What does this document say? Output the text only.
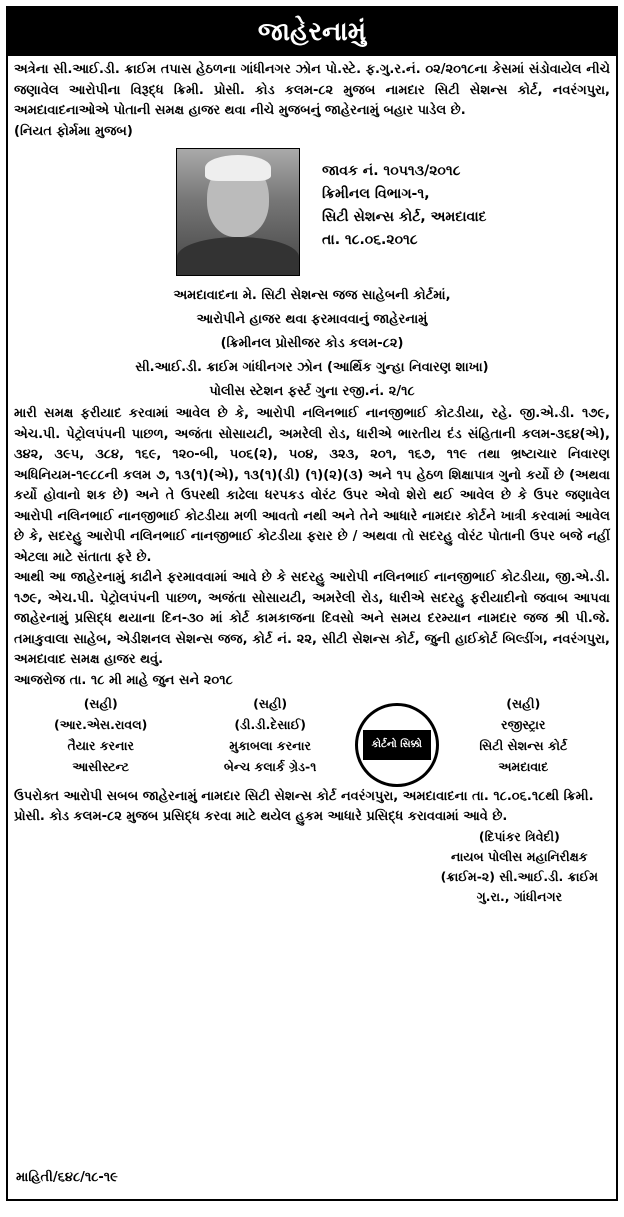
જાહેરનામું

અત્રેના સી.આઈ.ડી. ક્રાઈમ તપાસ હેઠળના ગાંધીનગર ઝોન પો.સ્ટે. ફ.ગુ.ર.નં. ૦૨/૨૦૧૮ના કેસમાં સંડોવાયેલ નીચે જણાવેલ આરોપીના વિરૂદ્ધ ક્રિમી. પ્રોસી. કોડ કલમ-૮૨ મુજબ નામદાર સિટી સેશન્સ કોર્ટ, નવરંગપુરા, અમદાવાદનાઓએ પોતાની સમક્ષ હાજર થવા નીચે મુજબનું જાહેરનામું બહાર પાડેલ છે.

(નિયત ફોર્મમા મુજબ)

જાવક નં. ૧૦૫૧૩/૨૦૧૮
ક્રિમીનલ વિભાગ-૧,
સિટી સેશન્સ કોર્ટ, અમદાવાદ
તા. ૧૮.૦૬.૨૦૧૮
અમદાવાદના મે. સિટી સેશન્સ જજ સાહેબની કોર્ટમાં,
આરોપીને હાજર થવા ફરમાવવાનું જાહેરનામું
(ક્રિમીનલ પ્રોસીજર કોડ કલમ-૮૨)
સી.આઈ.ડી. ક્રાઈમ ગાંધીનગર ઝોન (આર્થિક ગુન્હા નિવારણ શાખા)
પોલીસ સ્ટેશન ફર્સ્ટ ગુના રજી.નં. ૨/૧૮

મારી સમક્ષ ફરીયાદ કરવામાં આવેલ છે કે, આરોપી નલિનભાઈ નાનજીભાઈ કોટડીયા, રહે. જી.એ.ડી. ૧૭૯, એચ.પી. પેટ્રોલપંપની પાછળ, અજંતા સોસાયટી, અમરેલી રોડ, ધારીએ ભારતીય દંડ સંહિતાની કલમ-૩૬૪(એ), ૩૪૨, ૩૯૫, ૩૮૪, ૧૬૯, ૧૨૦-બી, ૫૦૬(૨), ૫૦૪, ૩૨૩, ૨૦૧, ૧૬૭, ૧૧૯ તથા ભ્રષ્ટાચાર નિવારણ અધિનિયમ-૧૯૮૮ની કલમ ૭, ૧૩(૧)(એ), ૧૩(૧)(ડી) (૧)(૨)(૩) અને ૧૫ હેઠળ શિક્ષાપાત્ર ગુનો કર્યો છે (અથવા કર્યો હોવાનો શક છે) અને તે ઉપરથી કાઢેલા ધરપકડ વોરંટ ઉપર એવો શેરો થઈ આવેલ છે કે ઉપર જણાવેલ આરોપી નલિનભાઈ નાનજીભાઈ કોટડીયા મળી આવતો નથી અને તેને આધારે નામદાર કોર્ટને ખાત્રી કરવામાં આવેલ છે કે, સદરહુ આરોપી નલિનભાઈ નાનજીભાઈ કોટડીયા ફરાર છે / અથવા તો સદરહુ વોરંટ પોતાની ઉપર બજે નહીં એટલા માટે સંતાતા ફરે છે.

આથી આ જાહેરનામું કાઢીને ફરમાવવામાં આવે છે કે સદરહુ આરોપી નલિનભાઈ નાનજીભાઈ કોટડીયા, જી.એ.ડી. ૧૭૯, એચ.પી. પેટ્રોલપંપની પાછળ, અજંતા સોસાયટી, અમરેલી રોડ, ધારીએ સદરહુ ફરીયાદીનો જવાબ આપવા જાહેરનામું પ્રસિદ્ધ થયાના દિન-૩૦ માં કોર્ટ કામકાજના દિવસો અને સમય દરમ્યાન નામદાર જજ શ્રી પી.જે. તમાકુવાલા સાહેબ, એડીશનલ સેશન્સ જજ, કોર્ટ નં. ૨૨, સીટી સેશન્સ કોર્ટ, જુની હાઈકોર્ટ બિલ્ડીંગ, નવરંગપુરા, અમદાવાદ સમક્ષ હાજર થવું.

આજરોજ તા. ૧૮ મી માહે જુન સને ૨૦૧૮

(સહી)
(આર.એસ.રાવલ)
તૈયાર કરનાર
આસીસ્ટન્ટ
(સહી)
(ડી.ડી.દેસાઈ)
મુકાબલા કરનાર
બેન્ચ કલાર્ક ગ્રેડ-૧
કોર્ટનો સિક્કો
(સહી)
રજીસ્ટ્રાર
સિટી સેશન્સ કોર્ટ
અમદાવાદ

ઉપરોક્ત આરોપી સબબ જાહેરનામું નામદાર સિટી સેશન્સ કોર્ટ નવરંગપુરા, અમદાવાદના તા. ૧૮.૦૬.૧૮થી ક્રિમી. પ્રોસી. કોડ કલમ-૮૨ મુજબ પ્રસિદ્ધ કરવા માટે થયેલ હુકમ આધારે પ્રસિદ્ધ કરાવવામાં આવે છે.

(દિપાંકર ત્રિવેદી)
નાયબ પોલીસ મહાનિરીક્ષક
(ક્રાઈમ-૨) સી.આઈ.ડી. ક્રાઈમ
ગુ.રા., ગાંધીનગર
માહિતી/૬૪૮/૧૮-૧૯
